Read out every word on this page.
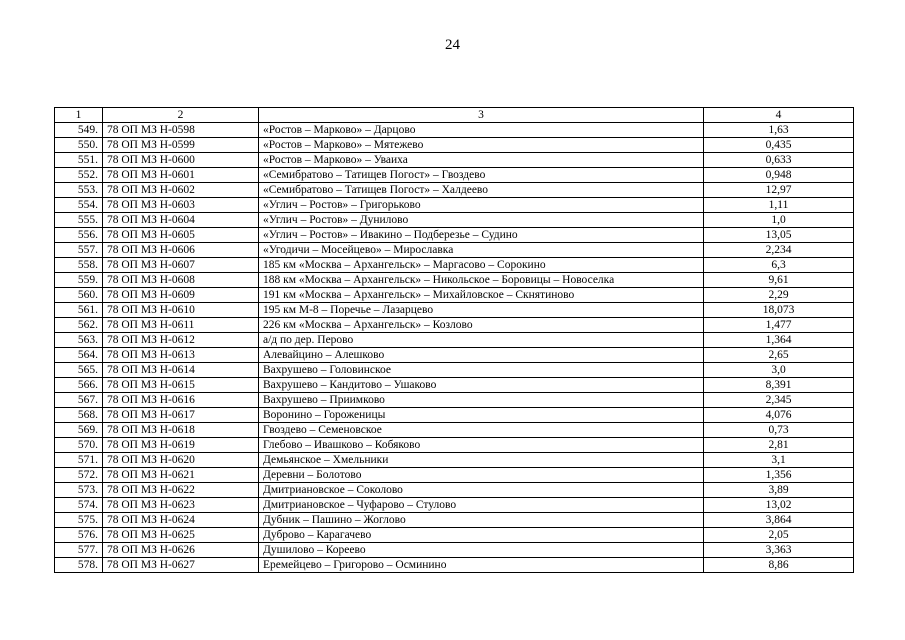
24
1	2	3	4
549.	78 ОП МЗ Н-0598	«Ростов – Марково» – Дарцово	1,63
550.	78 ОП МЗ Н-0599	«Ростов – Марково» – Мятежево	0,435
551.	78 ОП МЗ Н-0600	«Ростов – Марково» – Уваиха	0,633
552.	78 ОП МЗ Н-0601	«Семибратово – Татищев Погост» – Гвоздево	0,948
553.	78 ОП МЗ Н-0602	«Семибратово – Татищев Погост» – Халдеево	12,97
554.	78 ОП МЗ Н-0603	«Углич – Ростов» – Григорьково	1,11
555.	78 ОП МЗ Н-0604	«Углич – Ростов» – Дунилово	1,0
556.	78 ОП МЗ Н-0605	«Углич – Ростов» – Ивакино – Подберезье – Судино	13,05
557.	78 ОП МЗ Н-0606	«Угодичи – Мосейцево» – Мирославка	2,234
558.	78 ОП МЗ Н-0607	185 км «Москва – Архангельск» – Маргасово – Сорокино	6,3
559.	78 ОП МЗ Н-0608	188 км «Москва – Архангельск» – Никольское – Боровицы – Новоселка	9,61
560.	78 ОП МЗ Н-0609	191 км «Москва – Архангельск» – Михайловское – Скнятиново	2,29
561.	78 ОП МЗ Н-0610	195 км М-8 – Поречье – Лазарцево	18,073
562.	78 ОП МЗ Н-0611	226 км «Москва – Архангельск» – Козлово	1,477
563.	78 ОП МЗ Н-0612	а/д по дер. Перово	1,364
564.	78 ОП МЗ Н-0613	Алевайцино – Алешково	2,65
565.	78 ОП МЗ Н-0614	Вахрушево – Головинское	3,0
566.	78 ОП МЗ Н-0615	Вахрушево – Кандитово – Ушаково	8,391
567.	78 ОП МЗ Н-0616	Вахрушево – Приимково	2,345
568.	78 ОП МЗ Н-0617	Воронино – Гороженицы	4,076
569.	78 ОП МЗ Н-0618	Гвоздево – Семеновское	0,73
570.	78 ОП МЗ Н-0619	Глебово – Ивашково – Кобяково	2,81
571.	78 ОП МЗ Н-0620	Демьянское – Хмельники	3,1
572.	78 ОП МЗ Н-0621	Деревни – Болотово	1,356
573.	78 ОП МЗ Н-0622	Дмитриановское – Соколово	3,89
574.	78 ОП МЗ Н-0623	Дмитриановское – Чуфарово – Стулово	13,02
575.	78 ОП МЗ Н-0624	Дубник – Пашино – Жоглово	3,864
576.	78 ОП МЗ Н-0625	Дуброво – Карагачево	2,05
577.	78 ОП МЗ Н-0626	Душилово – Кореево	3,363
578.	78 ОП МЗ Н-0627	Еремейцево – Григорово – Осминино	8,86
